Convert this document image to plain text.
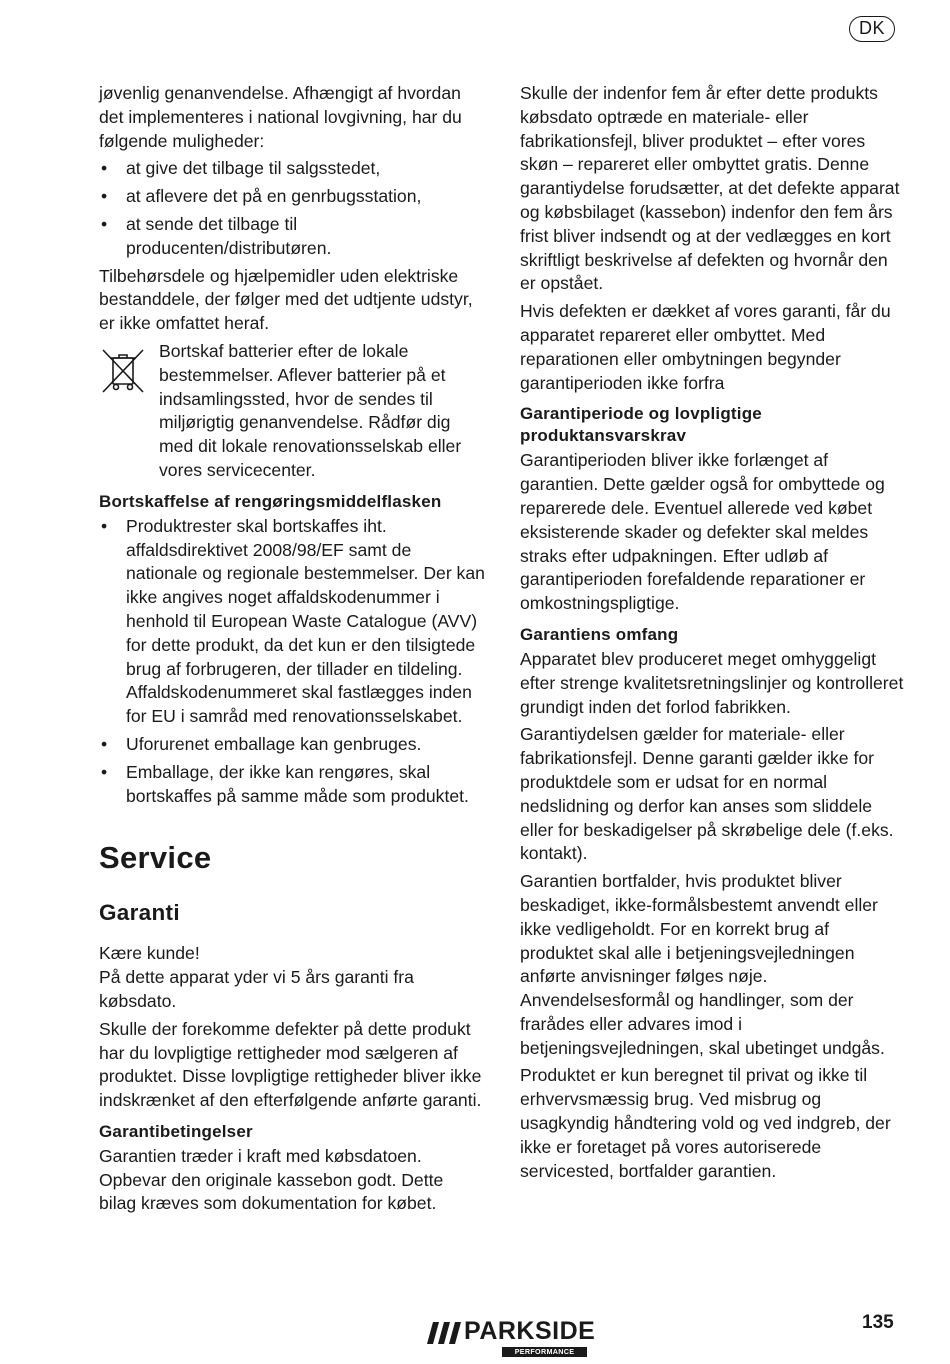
DK

jøvenlig genanvendelse. Afhængigt af hvordan det implementeres i national lovgivning, har du følgende muligheder:

• at give det tilbage til salgsstedet,
• at aflevere det på en genrbugsstation,
• at sende det tilbage til producenten/distributøren.

Tilbehørsdele og hjælpemidler uden elektriske bestanddele, der følger med det udtjente udstyr, er ikke omfattet heraf.

Bortskaf batterier efter de lokale bestemmelser. Aflever batterier på et indsamlingssted, hvor de sendes til miljørigtig genanvendelse. Rådfør dig med dit lokale renovationsselskab eller vores servicecenter.
Bortskaffelse af rengøringsmiddelflasken
• Produktrester skal bortskaffes iht. affaldsdirektivet 2008/98/EF samt de nationale og regionale bestemmelser. Der kan ikke angives noget affaldskodenummer i henhold til European Waste Catalogue (AVV) for dette produkt, da det kun er den tilsigtede brug af forbrugeren, der tillader en tildeling. Affaldskodenummeret skal fastlægges inden for EU i samråd med renovationsselskabet.
• Uforurenet emballage kan genbruges.
• Emballage, der ikke kan rengøres, skal bortskaffes på samme måde som produktet.
Service
Garanti

Kære kunde!

På dette apparat yder vi 5 års garanti fra købsdato.

Skulle der forekomme defekter på dette produkt har du lovpligtige rettigheder mod sælgeren af produktet. Disse lovpligtige rettigheder bliver ikke indskrænket af den efterfølgende anførte garanti.

Garantibetingelser

Garantien træder i kraft med købsdatoen. Opbevar den originale kassebon godt. Dette bilag kræves som dokumentation for købet.

Skulle der indenfor fem år efter dette produkts købsdato optræde en materiale- eller fabrikationsfejl, bliver produktet – efter vores skøn – repareret eller ombyttet gratis. Denne garantiydelse forudsætter, at det defekte apparat og købsbilaget (kassebon) indenfor den fem års frist bliver indsendt og at der vedlægges en kort skriftligt beskrivelse af defekten og hvornår den er opstået.

Hvis defekten er dækket af vores garanti, får du apparatet repareret eller ombyttet. Med reparationen eller ombytningen begynder garantiperioden ikke forfra

Garantiperiode og lovpligtige produktansvarskrav

Garantiperioden bliver ikke forlænget af garantien. Dette gælder også for ombyttede og reparerede dele. Eventuel allerede ved købet eksisterende skader og defekter skal meldes straks efter udpakningen. Efter udløb af garantiperioden forefaldende reparationer er omkostningspligtige.

Garantiens omfang

Apparatet blev produceret meget omhyggeligt efter strenge kvalitetsretningslinjer og kontrolleret grundigt inden det forlod fabrikken.

Garantiydelsen gælder for materiale- eller fabrikationsfejl. Denne garanti gælder ikke for produktdele som er udsat for en normal nedslidning og derfor kan anses som sliddele eller for beskadigelser på skrøbelige dele (f.eks. kontakt).

Garantien bortfalder, hvis produktet bliver beskadiget, ikke-formålsbestemt anvendt eller ikke vedligeholdt. For en korrekt brug af produktet skal alle i betjeningsvejledningen anførte anvisninger følges nøje. Anvendelsesformål og handlinger, som der frarådes eller advares imod i betjeningsvejledningen, skal ubetinget undgås.

Produktet er kun beregnet til privat og ikke til erhvervsmæssig brug. Ved misbrug og usagkyndig håndtering vold og ved indgreb, der ikke er foretaget på vores autoriserede servicested, bortfalder garantien.

PARKSIDE
PERFORMANCE
135
